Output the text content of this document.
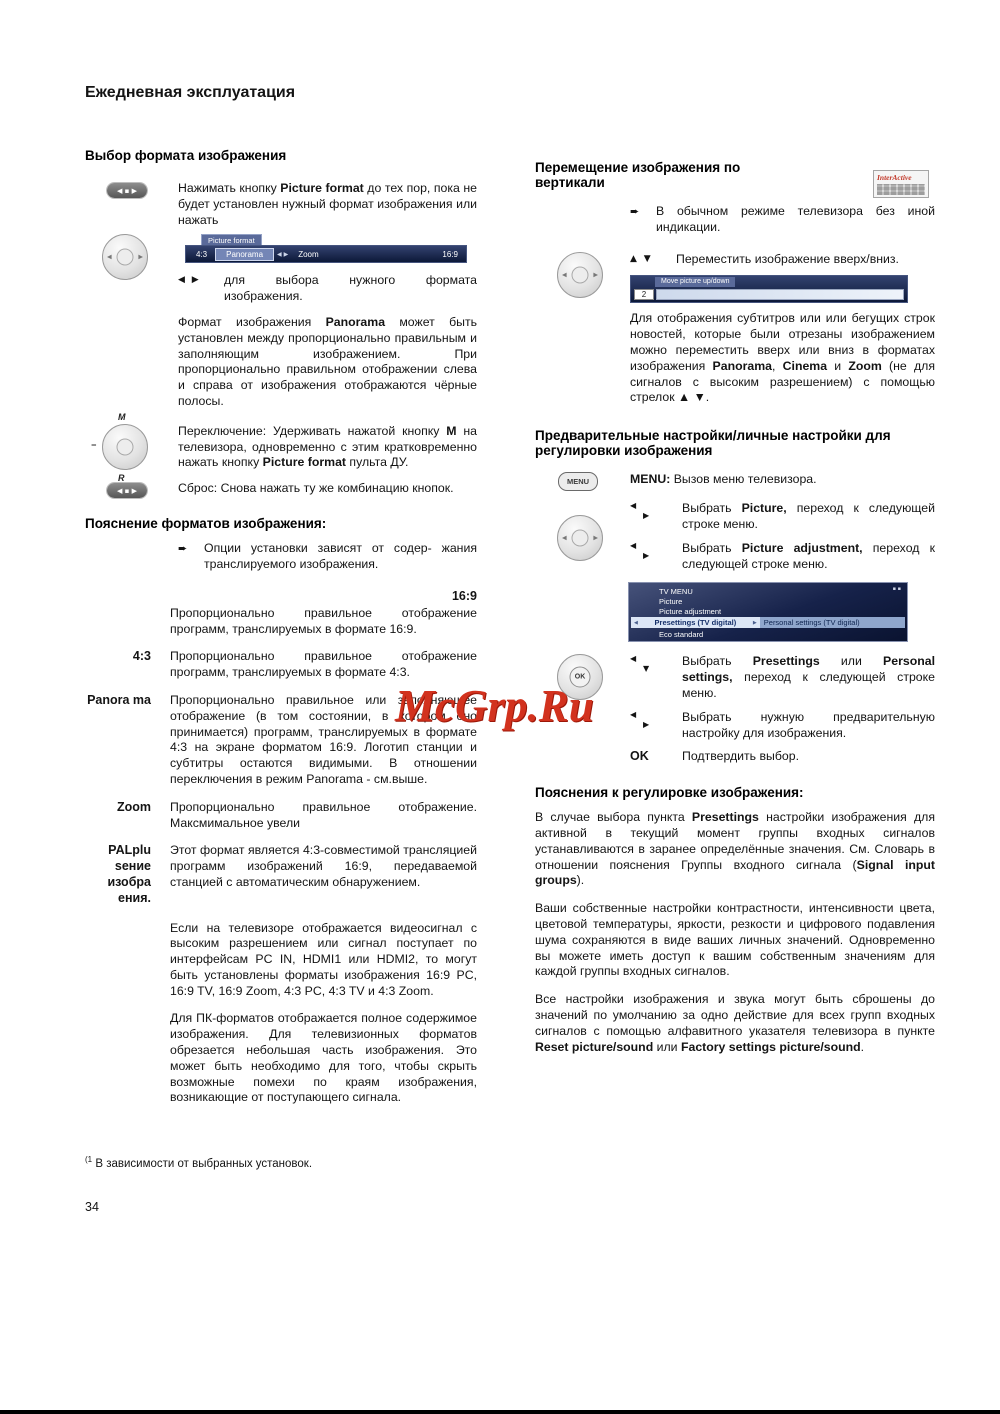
Ежедневная эксплуатация
Выбор формата изображения
◀ ▪ ▶	Нажимать кнопку Picture format до тех пор, пока не будет установлен нужный формат изображения или нажать

◀	▶
Picture format
4:3	Panorama	◀ ▶ Zoom	16:9
◀ ▶	для выбора нужного формата изображения.

Формат изображения Panorama может быть установлен между пропорционально правильным и заполняющим изображением. При пропорционально правильном отображении слева и справа от изображения отображаются чёрные полосы.

M
−
R

Переключение: Удерживать нажатой кнопку M на телевизора, одновременно с этим кратковременно нажать кнопку Picture format пульта ДУ.

◀ ▪ ▶	Сброс: Снова нажать ту же комбинацию кнопок.

Пояснение форматов изображения:
➨	Опции установки зависят от содер- жания транслируемого изображения.

16:9

Пропорционально правильное отображение программ, транслируемых в формате 16:9.

4:3 Пропорционально правильное отображение программ, транслируемых в формате 4:3.

Panora ma Пропорционально правильное или заполняющее отображение (в том состоянии, в котором оно принимается) программ, транслируемых в формате 4:3 на экране форматом 16:9. Логотип станции и субтитры остаются видимыми. В отношении переключения в режим Panorama - см.выше.

Zoom Пропорционально правильное отображение. Максмимальное увели

PALplu sение изобра ения.

Этот формат является 4:3-совместимой трансляцией программ изображений 16:9, передаваемой станцией с автоматическим обнаружением.

Если на телевизоре отображается видеосигнал с высоким разрешением или сигнал поступает по интерфейсам PC IN, HDMI1 или HDMI2, то могут быть установлены форматы изображения 16:9 PC, 16:9 TV, 16:9 Zoom, 4:3 PC, 4:3 TV и 4:3 Zoom.

Для ПК-форматов отображается полное содержимое изображения. Для телевизионных форматов обрезается небольшая часть изображения. Это может быть необходимо для того, чтобы скрыть возможные помехи по краям изображения, возникающие от поступающего сигнала.

InterActive
Перемещение изображения по вертикали
➨	В обычном режиме телевизора без иной индикации.

◀	▶
▲ ▼	Переместить изображение вверх/вниз.

Move picture up/down
2

Для отображения субтитров или или бегущих строк новостей, которые были отрезаны изображением можно переместить вверх или вниз в форматах изображения Panorama, Cinema и Zoom (не для сигналов с высоким разрешением) с помощью стрелок ▲ ▼.

Предварительные настройки/личные настройки для регулировки изображения
MENU	MENU: Вызов меню телевизора.

◀	▶
◀
▶

Выбрать Picture, переход к следующей строке меню.

◀
▶

Выбрать Picture adjustment, переход к следующей строке меню.

▪ ▪
TV MENU
Picture
Picture adjustment
◀	Presettings (TV digital)	▶ Personal settings (TV digital)
Eco standard
OK
◀
▼

Выбрать Presettings или Personal settings, переход к следующей строке меню.

◀
▶

Выбрать нужную предварительную настройку для изображения.

OK	Подтвердить выбор.

Пояснения к регулировке изображения:

В случае выбора пункта Presettings настройки изображения для активной в текущий момент группы входных сигналов устанавливаются в заранее определённые значения. См. Словарь в отношении пояснения Группы входного сигнала (Signal input groups).

Ваши собственные настройки контрастности, интенсивности цвета, цветовой температуры, яркости, резкости и цифрового подавления шума сохраняются в виде ваших личных значений. Одновременно вы можете иметь доступ к вашим собственным значениям для каждой группы входных сигналов.

Все настройки изображения и звука могут быть сброшены до значений по умолчанию за одно действие для всех групп входных сигналов с помощью алфавитного указателя телевизора в пункте Reset picture/sound или Factory settings picture/sound.

McGrp.Ru
$^{(1}$ В зависимости от выбранных установок.
34
